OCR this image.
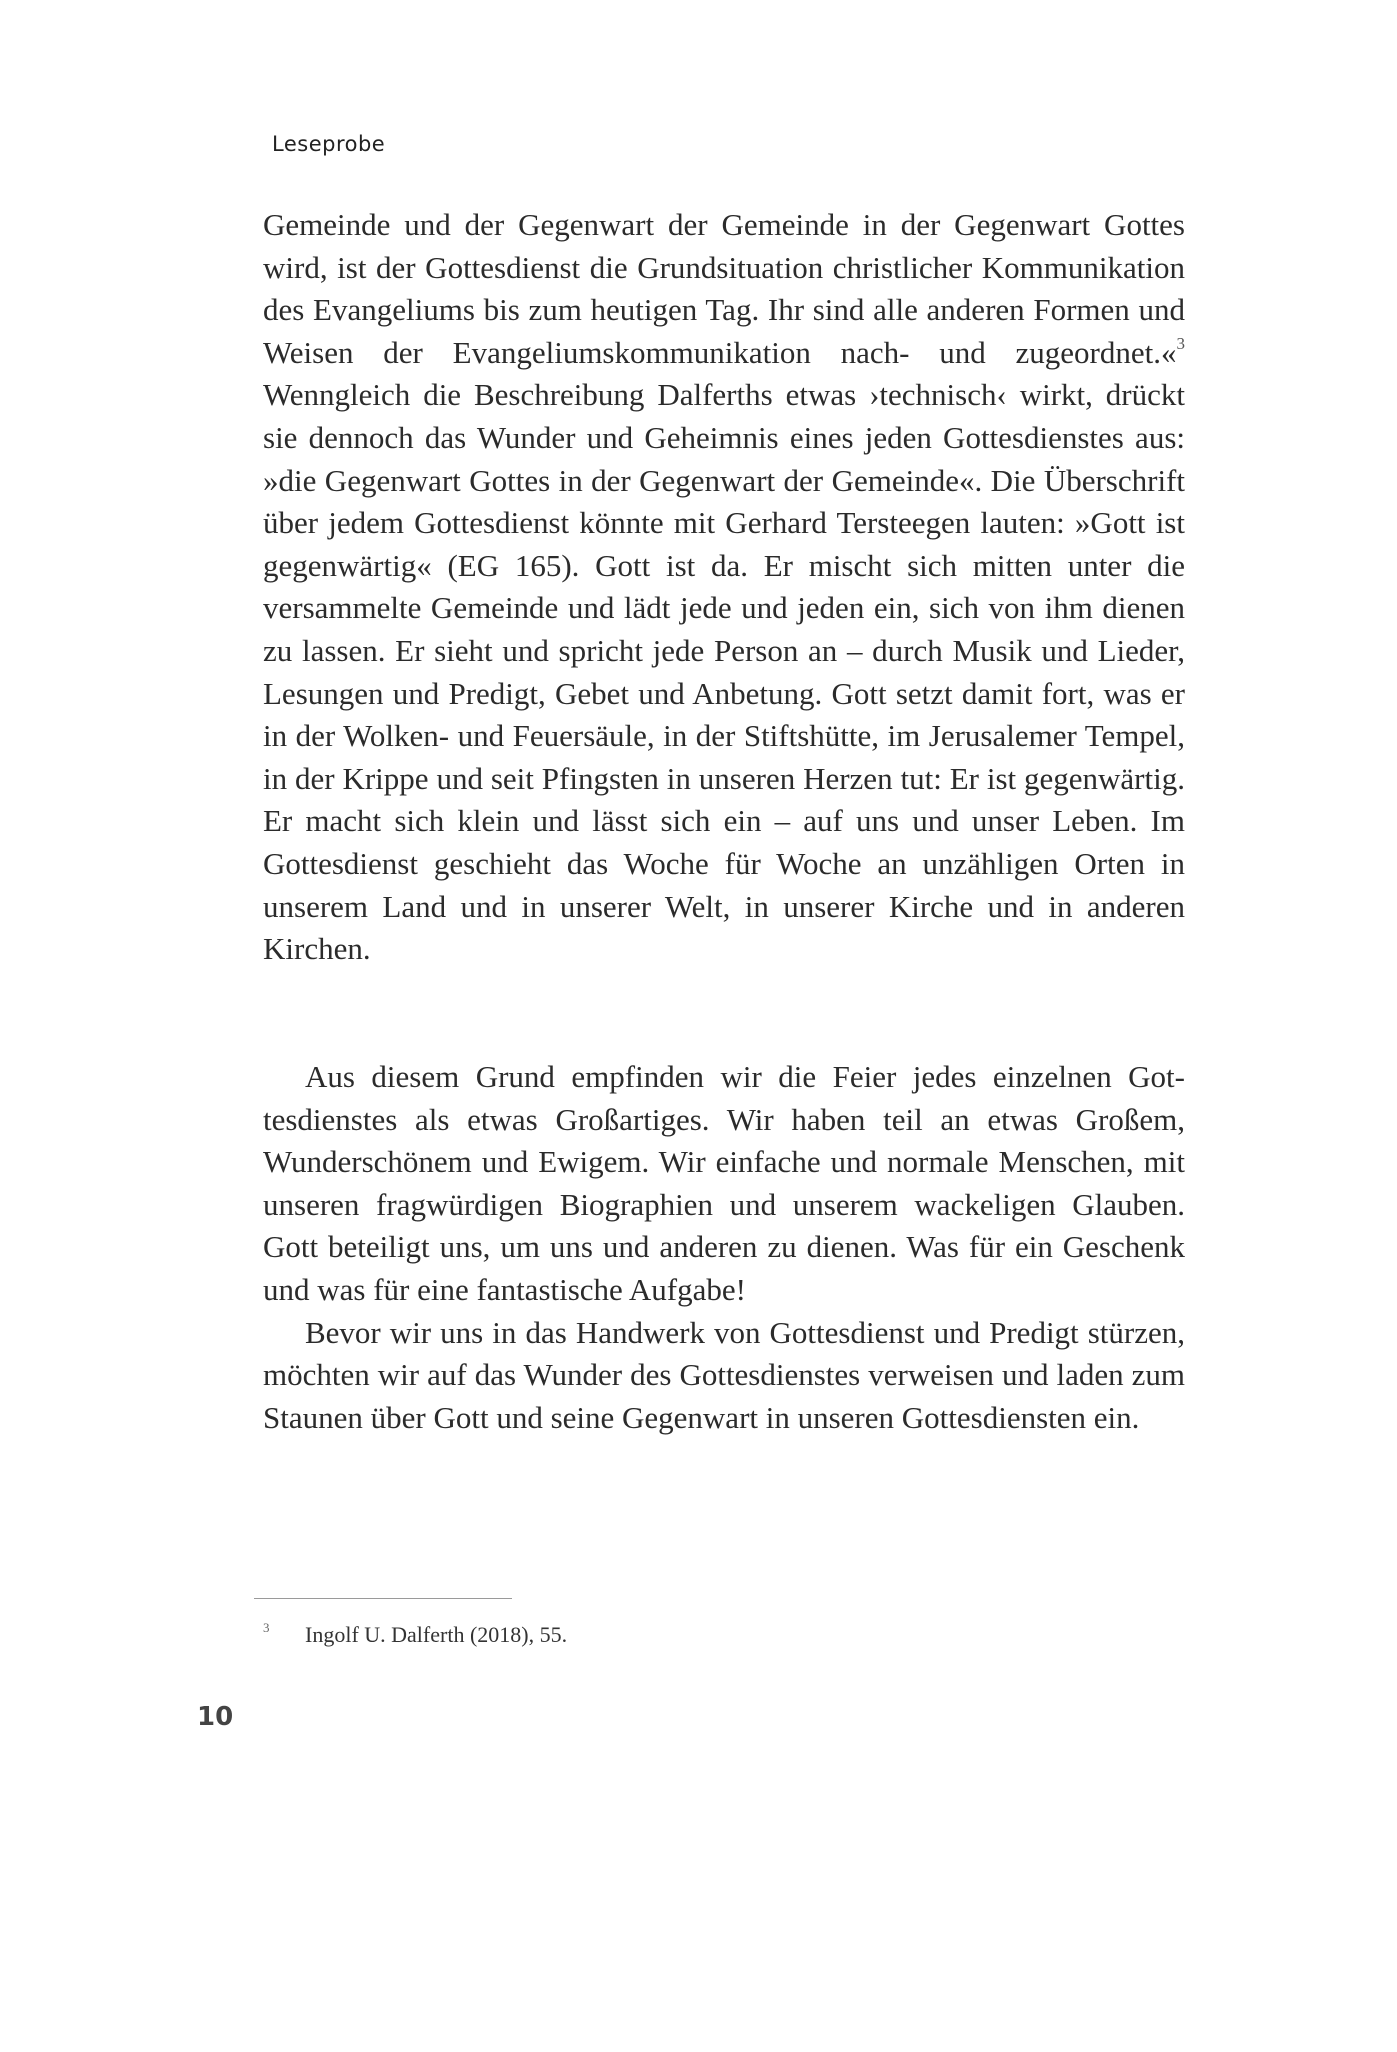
Leseprobe

Gemeinde und der Gegenwart der Gemeinde in der Gegenwart Gottes wird, ist der Gottesdienst die Grundsituation christlicher Kommunikation des Evangeliums bis zum heutigen Tag. Ihr sind alle anderen Formen und Weisen der Evangeliumskommunikation nach- und zugeordnet.«$^3$ Wenngleich die Beschreibung Dalferths etwas ›technisch‹ wirkt, drückt sie dennoch das Wunder und Geheimnis eines jeden Gottesdienstes aus: »die Gegenwart Gottes in der Gegenwart der Gemeinde«. Die Überschrift über jedem Gottesdienst könnte mit Gerhard Tersteegen lauten: »Gott ist gegenwärtig« (EG 165). Gott ist da. Er mischt sich mitten unter die versammelte Gemeinde und lädt jede und jeden ein, sich von ihm dienen zu lassen. Er sieht und spricht jede Person an – durch Musik und Lieder, Lesungen und Predigt, Gebet und Anbetung. Gott setzt damit fort, was er in der Wolken- und Feuersäule, in der Stiftshütte, im Jerusalemer Tempel, in der Krippe und seit Pfingsten in unseren Herzen tut: Er ist gegenwärtig. Er macht sich klein und lässt sich ein – auf uns und unser Leben. Im Gottesdienst geschieht das Woche für Woche an unzähligen Orten in unserem Land und in unserer Welt, in unserer Kirche und in anderen Kirchen.

Aus diesem Grund empfinden wir die Feier jedes einzelnen Gottesdienstes als etwas Großartiges. Wir haben teil an etwas Großem, Wunderschönem und Ewigem. Wir einfache und normale Menschen, mit unseren fragwürdigen Biographien und unserem wackeligen Glauben. Gott beteiligt uns, um uns und anderen zu dienen. Was für ein Geschenk und was für eine fantastische Aufgabe!

Bevor wir uns in das Handwerk von Gottesdienst und Predigt stürzen, möchten wir auf das Wunder des Gottesdienstes verweisen und laden zum Staunen über Gott und seine Gegenwart in unseren Gottesdiensten ein.

3 Ingolf U. Dalferth (2018), 55.
10
